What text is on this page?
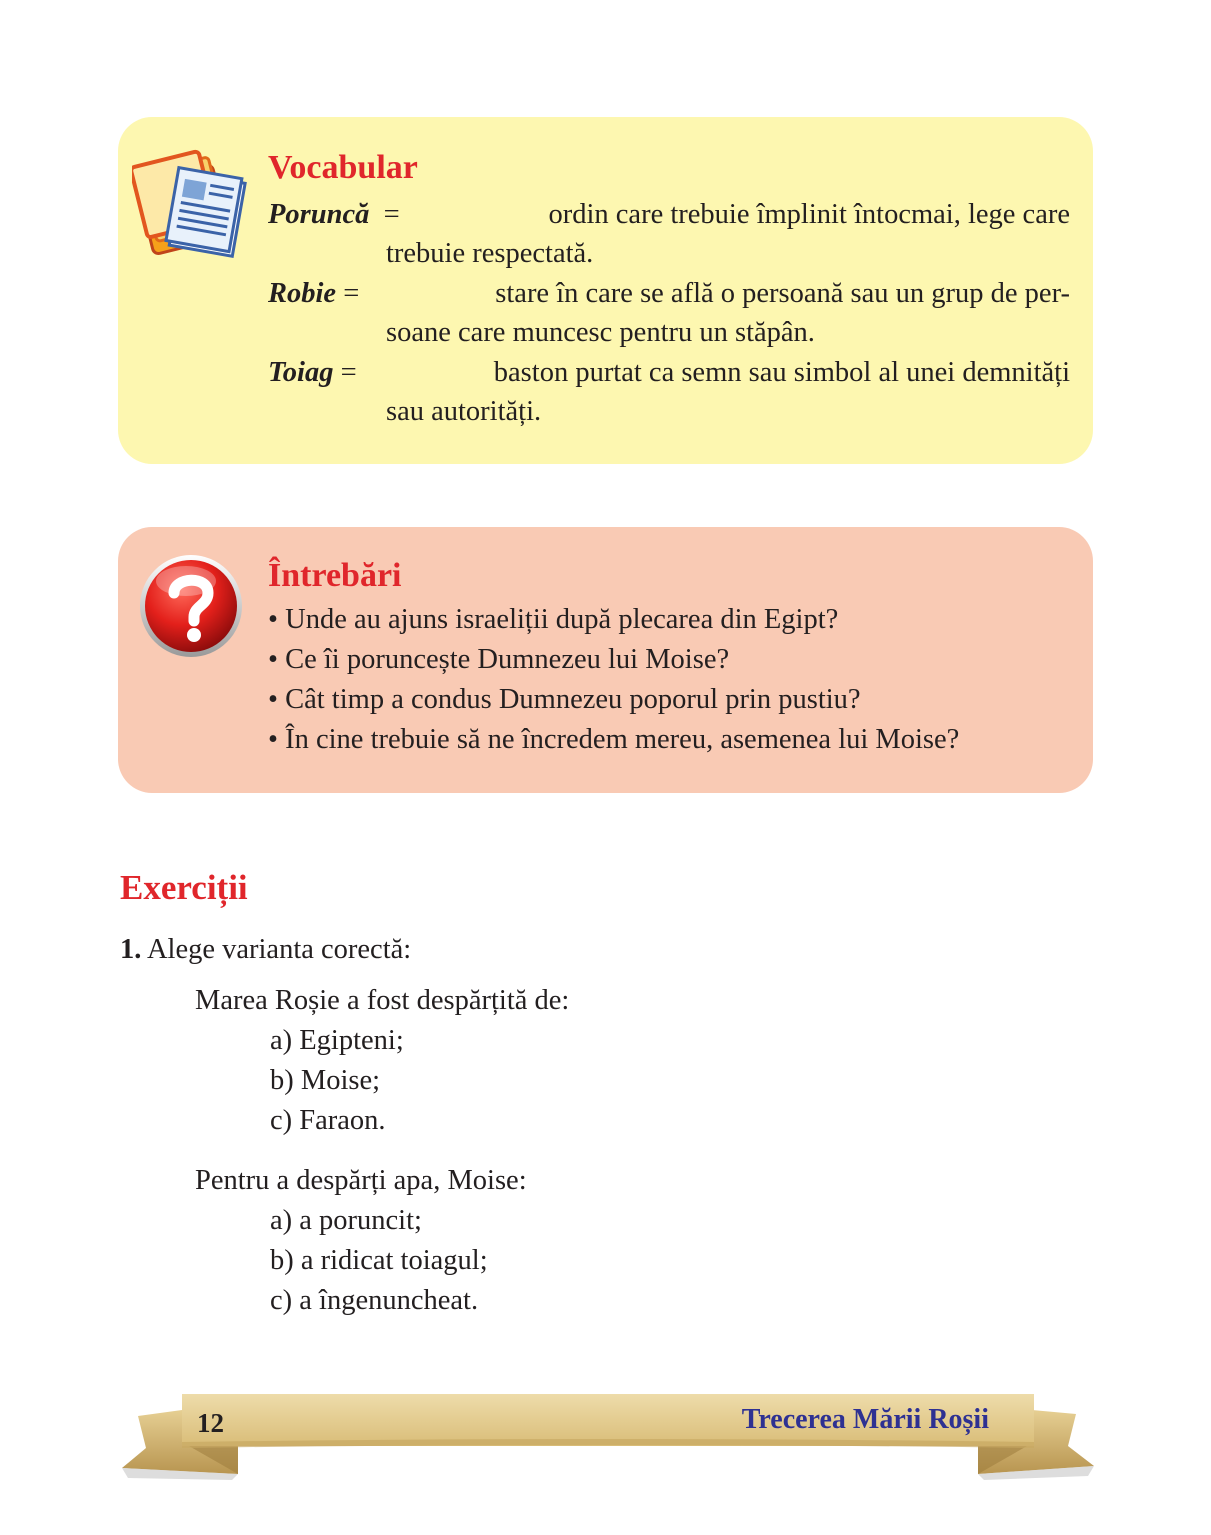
Vocabular
Poruncă =	ordin care trebuie împlinit întocmai, lege care
trebuie respectată.
Robie =	stare în care se află o persoană sau un grup de per-
soane care muncesc pentru un stăpân.
Toiag =	baston purtat ca semn sau simbol al unei demnități
sau autorități.
Întrebări
• Unde au ajuns israeliții după plecarea din Egipt?
• Ce îi poruncește Dumnezeu lui Moise?
• Cât timp a condus Dumnezeu poporul prin pustiu?
• În cine trebuie să ne încredem mereu, asemenea lui Moise?
Exerciții

1. Alege varianta corectă:

Marea Roșie a fost despărțită de:

a) Egipteni;
b) Moise;
c) Faraon.

Pentru a despărți apa, Moise:

a) a poruncit;
b) a ridicat toiagul;
c) a îngenuncheat.
12	Trecerea Mării Roșii
